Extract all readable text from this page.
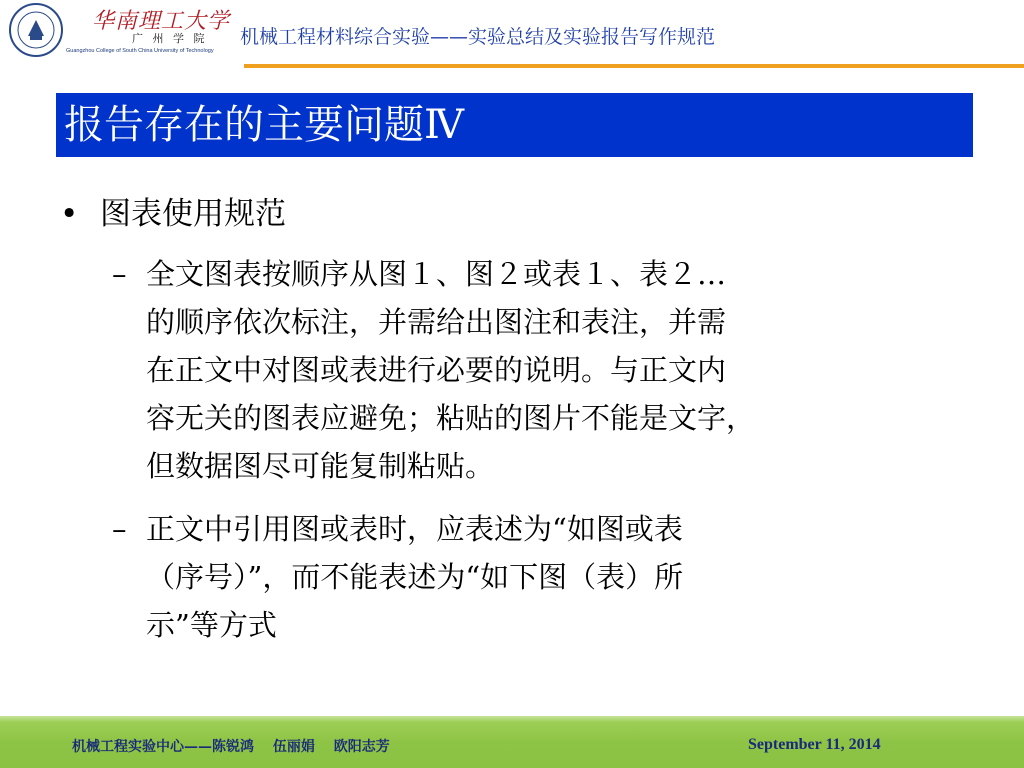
华南理工大学
广 州 学 院
Guangzhou College of South China University of Technology
机械工程材料综合实验——实验总结及实验报告写作规范
报告存在的主要问题Ⅳ
• 图表使用规范
– 全文图表按顺序从图１、图２或表１、表２…
的顺序依次标注，并需给出图注和表注，并需
在正文中对图或表进行必要的说明。与正文内
容无关的图表应避免；粘贴的图片不能是文字，
但数据图尽可能复制粘贴。
– 正文中引用图或表时，应表述为“如图或表
（序号）”，而不能表述为“如下图（表）所
示”等方式
机械工程实验中心——陈锐鸿　 伍丽娟　 欧阳志芳	September 11, 2014
